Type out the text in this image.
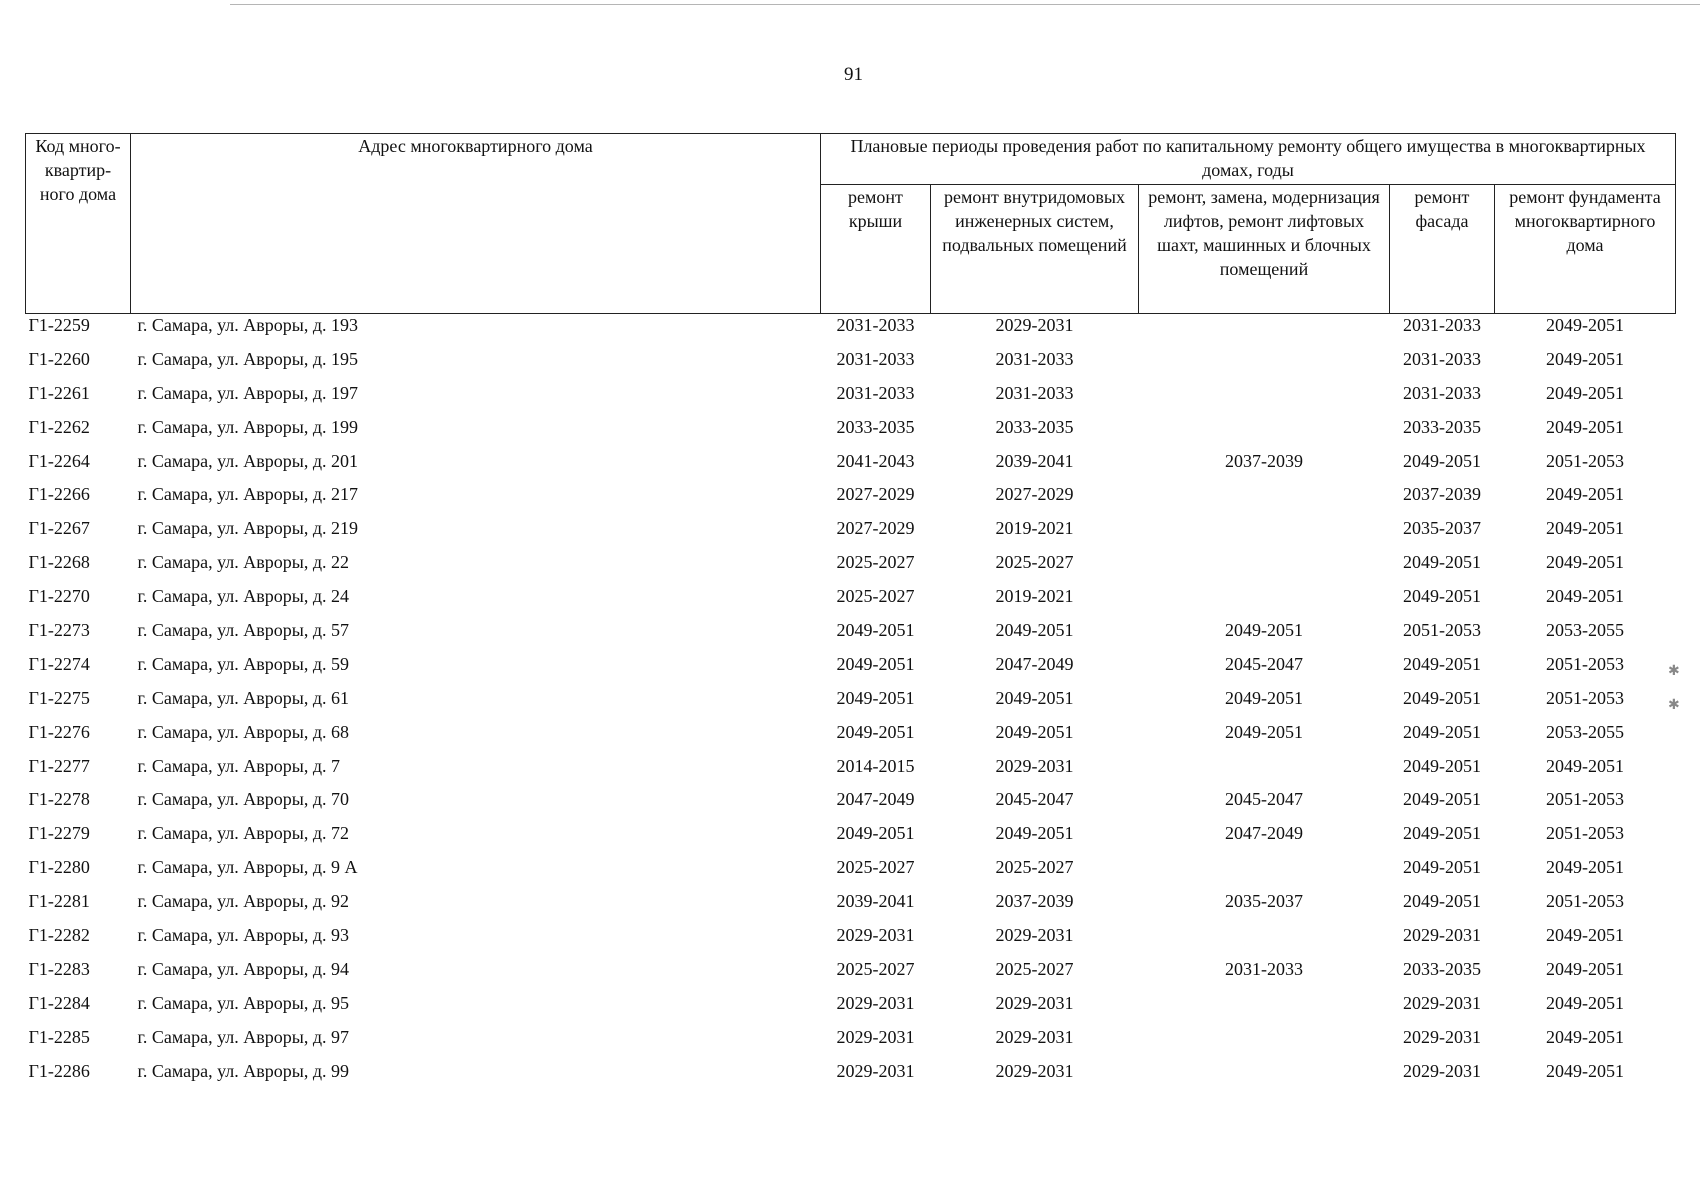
91
Код много-квартир-ного дома	Адрес многоквартирного дома	Плановые периоды проведения работ по капитальному ремонту общего имущества в многоквартирных домах, годы				
		ремонт крыши	ремонт внутридомовых инженерных систем, подвальных помещений	ремонт, замена, модернизация лифтов, ремонт лифтовых шахт, машинных и блочных помещений	ремонт фасада	ремонт фундамента многоквартирного дома
Г1-2259	г. Самара, ул. Авроры, д. 193	2031-2033	2029-2031		2031-2033	2049-2051
Г1-2260	г. Самара, ул. Авроры, д. 195	2031-2033	2031-2033		2031-2033	2049-2051
Г1-2261	г. Самара, ул. Авроры, д. 197	2031-2033	2031-2033		2031-2033	2049-2051
Г1-2262	г. Самара, ул. Авроры, д. 199	2033-2035	2033-2035		2033-2035	2049-2051
Г1-2264	г. Самара, ул. Авроры, д. 201	2041-2043	2039-2041	2037-2039	2049-2051	2051-2053
Г1-2266	г. Самара, ул. Авроры, д. 217	2027-2029	2027-2029		2037-2039	2049-2051
Г1-2267	г. Самара, ул. Авроры, д. 219	2027-2029	2019-2021		2035-2037	2049-2051
Г1-2268	г. Самара, ул. Авроры, д. 22	2025-2027	2025-2027		2049-2051	2049-2051
Г1-2270	г. Самара, ул. Авроры, д. 24	2025-2027	2019-2021		2049-2051	2049-2051
Г1-2273	г. Самара, ул. Авроры, д. 57	2049-2051	2049-2051	2049-2051	2051-2053	2053-2055
Г1-2274	г. Самара, ул. Авроры, д. 59	2049-2051	2047-2049	2045-2047	2049-2051	2051-2053
Г1-2275	г. Самара, ул. Авроры, д. 61	2049-2051	2049-2051	2049-2051	2049-2051	2051-2053
Г1-2276	г. Самара, ул. Авроры, д. 68	2049-2051	2049-2051	2049-2051	2049-2051	2053-2055
Г1-2277	г. Самара, ул. Авроры, д. 7	2014-2015	2029-2031		2049-2051	2049-2051
Г1-2278	г. Самара, ул. Авроры, д. 70	2047-2049	2045-2047	2045-2047	2049-2051	2051-2053
Г1-2279	г. Самара, ул. Авроры, д. 72	2049-2051	2049-2051	2047-2049	2049-2051	2051-2053
Г1-2280	г. Самара, ул. Авроры, д. 9 А	2025-2027	2025-2027		2049-2051	2049-2051
Г1-2281	г. Самара, ул. Авроры, д. 92	2039-2041	2037-2039	2035-2037	2049-2051	2051-2053
Г1-2282	г. Самара, ул. Авроры, д. 93	2029-2031	2029-2031		2029-2031	2049-2051
Г1-2283	г. Самара, ул. Авроры, д. 94	2025-2027	2025-2027	2031-2033	2033-2035	2049-2051
Г1-2284	г. Самара, ул. Авроры, д. 95	2029-2031	2029-2031		2029-2031	2049-2051
Г1-2285	г. Самара, ул. Авроры, д. 97	2029-2031	2029-2031		2029-2031	2049-2051
Г1-2286	г. Самара, ул. Авроры, д. 99	2029-2031	2029-2031		2029-2031	2049-2051
✱
✱
